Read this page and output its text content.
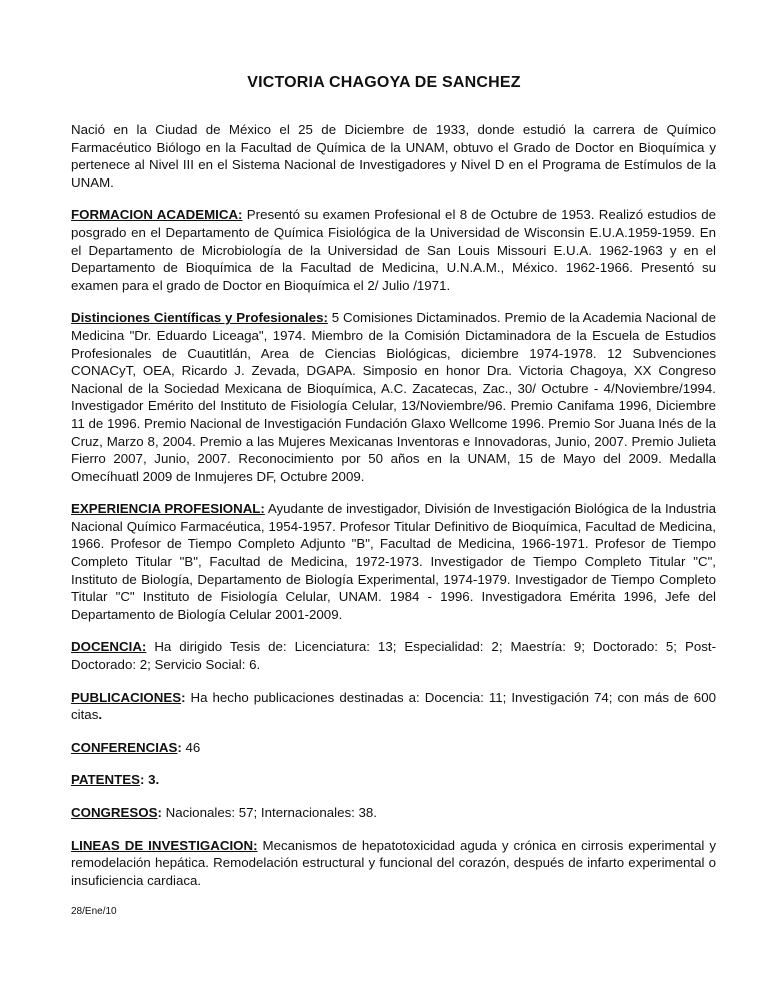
VICTORIA CHAGOYA DE SANCHEZ

Nació en la Ciudad de México el 25 de Diciembre de 1933, donde estudió la carrera de Químico Farmacéutico Biólogo en la Facultad de Química de la UNAM, obtuvo el Grado de Doctor en Bioquímica y pertenece al Nivel III en el Sistema Nacional de Investigadores y Nivel D en el Programa de Estímulos de la UNAM.

FORMACION ACADEMICA: Presentó su examen Profesional el 8 de Octubre de 1953. Realizó estudios de posgrado en el Departamento de Química Fisiológica de la Universidad de Wisconsin E.U.A.1959-1959. En el Departamento de Microbiología de la Universidad de San Louis Missouri E.U.A. 1962-1963 y en el Departamento de Bioquímica de la Facultad de Medicina, U.N.A.M., México. 1962-1966. Presentó su examen para el grado de Doctor en Bioquímica el 2/ Julio /1971.

Distinciones Científicas y Profesionales: 5 Comisiones Dictaminados. Premio de la Academia Nacional de Medicina "Dr. Eduardo Liceaga", 1974. Miembro de la Comisión Dictaminadora de la Escuela de Estudios Profesionales de Cuautitlán, Area de Ciencias Biológicas, diciembre 1974-1978. 12 Subvenciones CONACyT, OEA, Ricardo J. Zevada, DGAPA. Simposio en honor Dra. Victoria Chagoya, XX Congreso Nacional de la Sociedad Mexicana de Bioquímica, A.C. Zacatecas, Zac., 30/ Octubre - 4/Noviembre/1994. Investigador Emérito del Instituto de Fisiología Celular, 13/Noviembre/96. Premio Canifama 1996, Diciembre 11 de 1996. Premio Nacional de Investigación Fundación Glaxo Wellcome 1996. Premio Sor Juana Inés de la Cruz, Marzo 8, 2004. Premio a las Mujeres Mexicanas Inventoras e Innovadoras, Junio, 2007. Premio Julieta Fierro 2007, Junio, 2007. Reconocimiento por 50 años en la UNAM, 15 de Mayo del 2009. Medalla Omecíhuatl 2009 de Inmujeres DF, Octubre 2009.

EXPERIENCIA PROFESIONAL: Ayudante de investigador, División de Investigación Biológica de la Industria Nacional Químico Farmacéutica, 1954-1957. Profesor Titular Definitivo de Bioquímica, Facultad de Medicina, 1966. Profesor de Tiempo Completo Adjunto "B", Facultad de Medicina, 1966-1971. Profesor de Tiempo Completo Titular "B", Facultad de Medicina, 1972-1973. Investigador de Tiempo Completo Titular "C", Instituto de Biología, Departamento de Biología Experimental, 1974-1979. Investigador de Tiempo Completo Titular "C" Instituto de Fisiología Celular, UNAM. 1984 - 1996. Investigadora Emérita 1996, Jefe del Departamento de Biología Celular 2001-2009.

DOCENCIA: Ha dirigido Tesis de: Licenciatura: 13; Especialidad: 2; Maestría: 9; Doctorado: 5; Post-Doctorado: 2; Servicio Social: 6.

PUBLICACIONES: Ha hecho publicaciones destinadas a: Docencia: 11; Investigación 74; con más de 600 citas.

CONFERENCIAS: 46

PATENTES: 3.

CONGRESOS: Nacionales: 57; Internacionales: 38.

LINEAS DE INVESTIGACION: Mecanismos de hepatotoxicidad aguda y crónica en cirrosis experimental y remodelación hepática. Remodelación estructural y funcional del corazón, después de infarto experimental o insuficiencia cardiaca.

28/Ene/10
